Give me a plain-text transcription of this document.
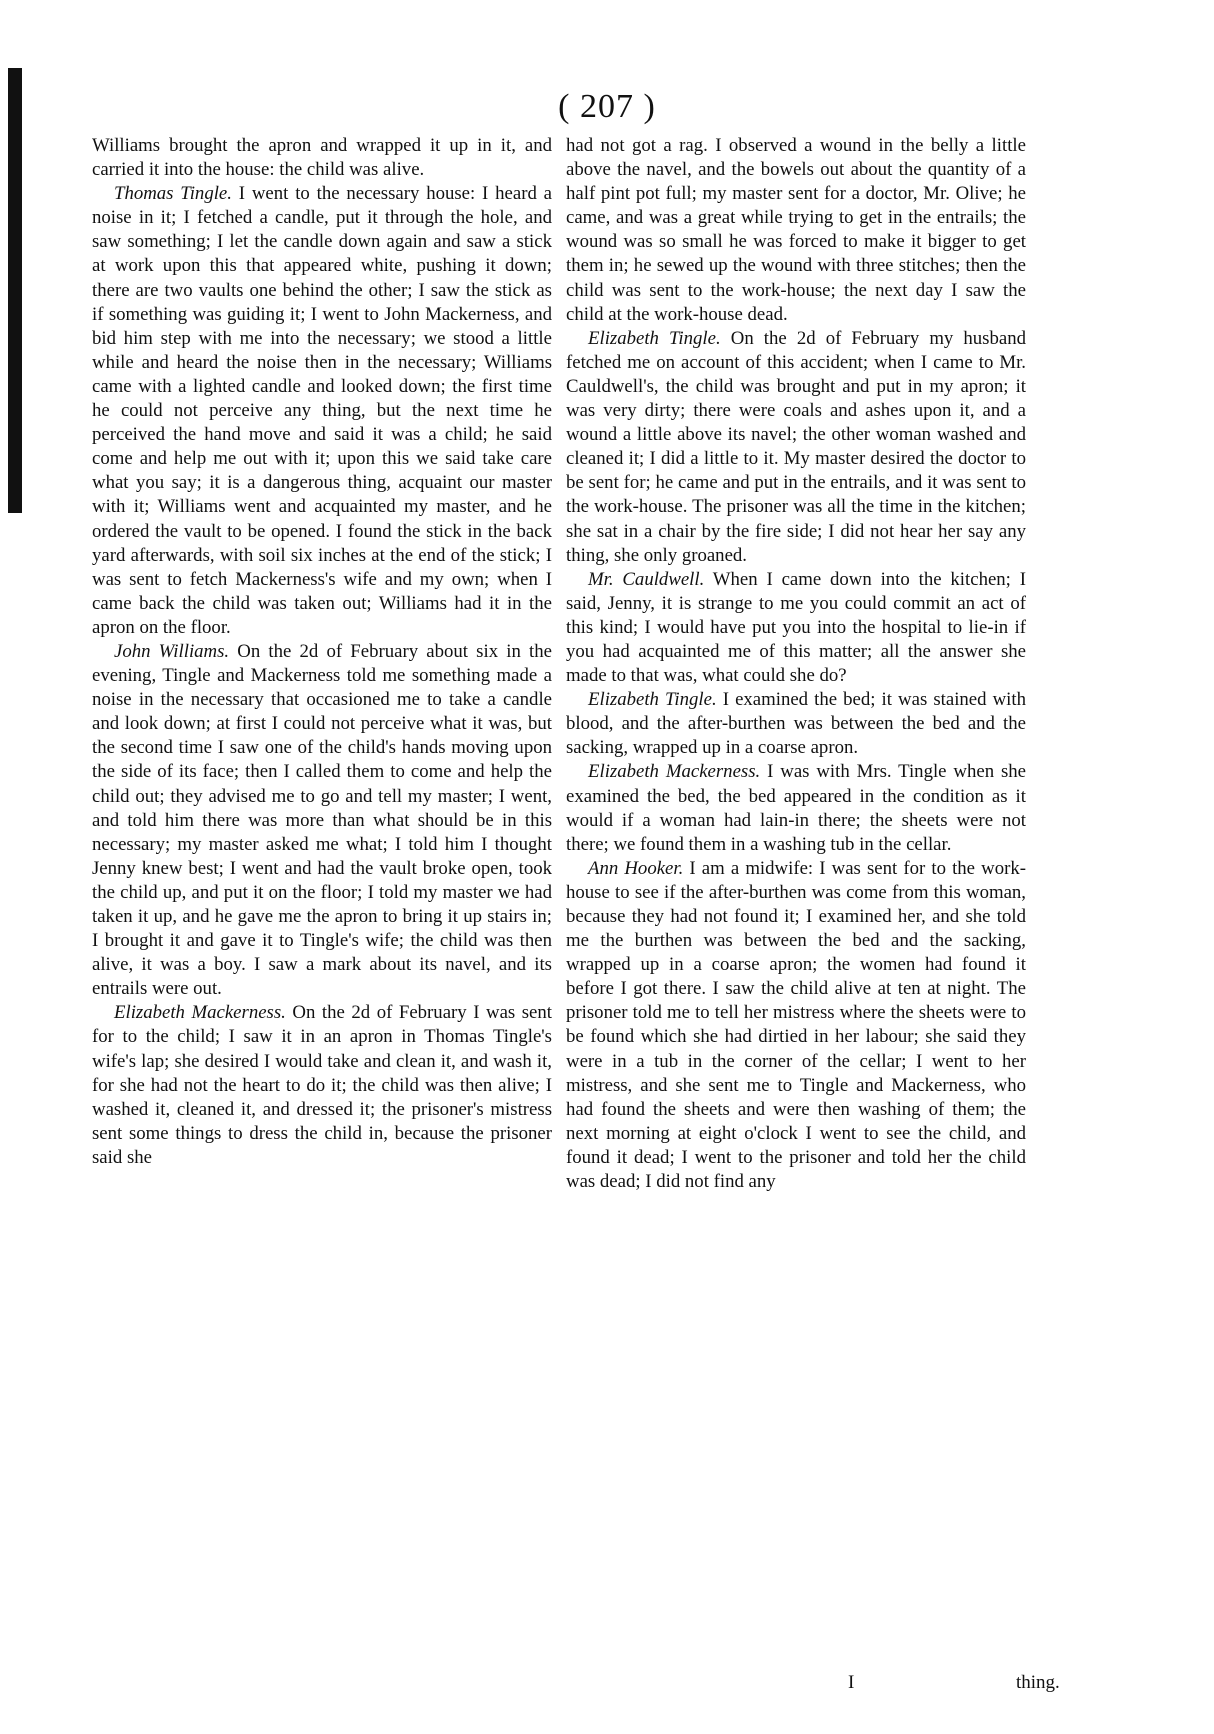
( 207 )

Williams brought the apron and wrapped it up in it, and carried it into the house: the child was alive.

Thomas Tingle. I went to the necessary house: I heard a noise in it; I fetched a candle, put it through the hole, and saw something; I let the candle down again and saw a stick at work upon this that appeared white, pushing it down; there are two vaults one behind the other; I saw the stick as if something was guiding it; I went to John Mackerness, and bid him step with me into the necessary; we stood a little while and heard the noise then in the necessary; Williams came with a lighted candle and looked down; the first time he could not perceive any thing, but the next time he perceived the hand move and said it was a child; he said come and help me out with it; upon this we said take care what you say; it is a dangerous thing, acquaint our master with it; Williams went and acquainted my master, and he ordered the vault to be opened. I found the stick in the back yard afterwards, with soil six inches at the end of the stick; I was sent to fetch Mackerness's wife and my own; when I came back the child was taken out; Williams had it in the apron on the floor.

John Williams. On the 2d of February about six in the evening, Tingle and Mackerness told me something made a noise in the necessary that occasioned me to take a candle and look down; at first I could not perceive what it was, but the second time I saw one of the child's hands moving upon the side of its face; then I called them to come and help the child out; they advised me to go and tell my master; I went, and told him there was more than what should be in this necessary; my master asked me what; I told him I thought Jenny knew best; I went and had the vault broke open, took the child up, and put it on the floor; I told my master we had taken it up, and he gave me the apron to bring it up stairs in; I brought it and gave it to Tingle's wife; the child was then alive, it was a boy. I saw a mark about its navel, and its entrails were out.

Elizabeth Mackerness. On the 2d of February I was sent for to the child; I saw it in an apron in Thomas Tingle's wife's lap; she desired I would take and clean it, and wash it, for she had not the heart to do it; the child was then alive; I washed it, cleaned it, and dressed it; the prisoner's mistress sent some things to dress the child in, because the prisoner said she

had not got a rag. I observed a wound in the belly a little above the navel, and the bowels out about the quantity of a half pint pot full; my master sent for a doctor, Mr. Olive; he came, and was a great while trying to get in the entrails; the wound was so small he was forced to make it bigger to get them in; he sewed up the wound with three stitches; then the child was sent to the work-house; the next day I saw the child at the work-house dead.

Elizabeth Tingle. On the 2d of February my husband fetched me on account of this accident; when I came to Mr. Cauldwell's, the child was brought and put in my apron; it was very dirty; there were coals and ashes upon it, and a wound a little above its navel; the other woman washed and cleaned it; I did a little to it. My master desired the doctor to be sent for; he came and put in the entrails, and it was sent to the work-house. The prisoner was all the time in the kitchen; she sat in a chair by the fire side; I did not hear her say any thing, she only groaned.

Mr. Cauldwell. When I came down into the kitchen; I said, Jenny, it is strange to me you could commit an act of this kind; I would have put you into the hospital to lie-in if you had acquainted me of this matter; all the answer she made to that was, what could she do?

Elizabeth Tingle. I examined the bed; it was stained with blood, and the after-burthen was between the bed and the sacking, wrapped up in a coarse apron.

Elizabeth Mackerness. I was with Mrs. Tingle when she examined the bed, the bed appeared in the condition as it would if a woman had lain-in there; the sheets were not there; we found them in a washing tub in the cellar.

Ann Hooker. I am a midwife: I was sent for to the work-house to see if the after-burthen was come from this woman, because they had not found it; I examined her, and she told me the burthen was between the bed and the sacking, wrapped up in a coarse apron; the women had found it before I got there. I saw the child alive at ten at night. The prisoner told me to tell her mistress where the sheets were to be found which she had dirtied in her labour; she said they were in a tub in the corner of the cellar; I went to her mistress, and she sent me to Tingle and Mackerness, who had found the sheets and were then washing of them; the next morning at eight o'clock I went to see the child, and found it dead; I went to the prisoner and told her the child was dead; I did not find any

I	thing.
